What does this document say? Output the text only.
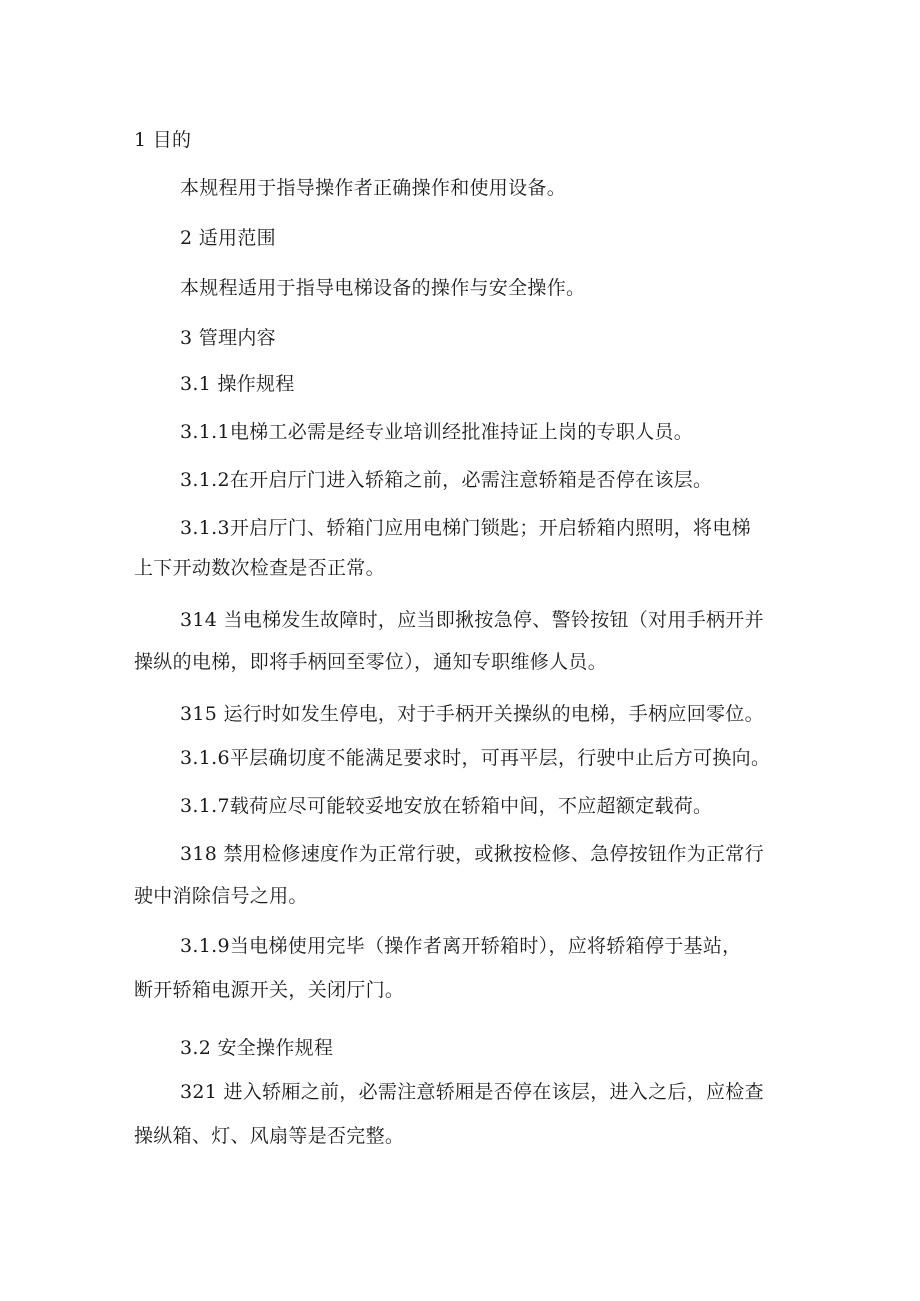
1 目的

本规程用于指导操作者正确操作和使用设备。

2 适用范围

本规程适用于指导电梯设备的操作与安全操作。

3 管理内容

3.1 操作规程

3.1.1电梯工必需是经专业培训经批准持证上岗的专职人员。

3.1.2在开启厅门进入轿箱之前，必需注意轿箱是否停在该层。

3.1.3开启厅门、轿箱门应用电梯门锁匙；开启轿箱内照明，将电梯

上下开动数次检查是否正常。

314 当电梯发生故障时，应当即揪按急停、警铃按钮（对用手柄开并

操纵的电梯，即将手柄回至零位），通知专职维修人员。

315 运行时如发生停电，对于手柄开关操纵的电梯，手柄应回零位。

3.1.6平层确切度不能满足要求时，可再平层，行驶中止后方可换向。

3.1.7载荷应尽可能较妥地安放在轿箱中间，不应超额定载荷。

318 禁用检修速度作为正常行驶，或揪按检修、急停按钮作为正常行

驶中消除信号之用。

3.1.9当电梯使用完毕（操作者离开轿箱时），应将轿箱停于基站，

断开轿箱电源开关，关闭厅门。

3.2 安全操作规程

321 进入轿厢之前，必需注意轿厢是否停在该层，进入之后，应检查

操纵箱、灯、风扇等是否完整。
